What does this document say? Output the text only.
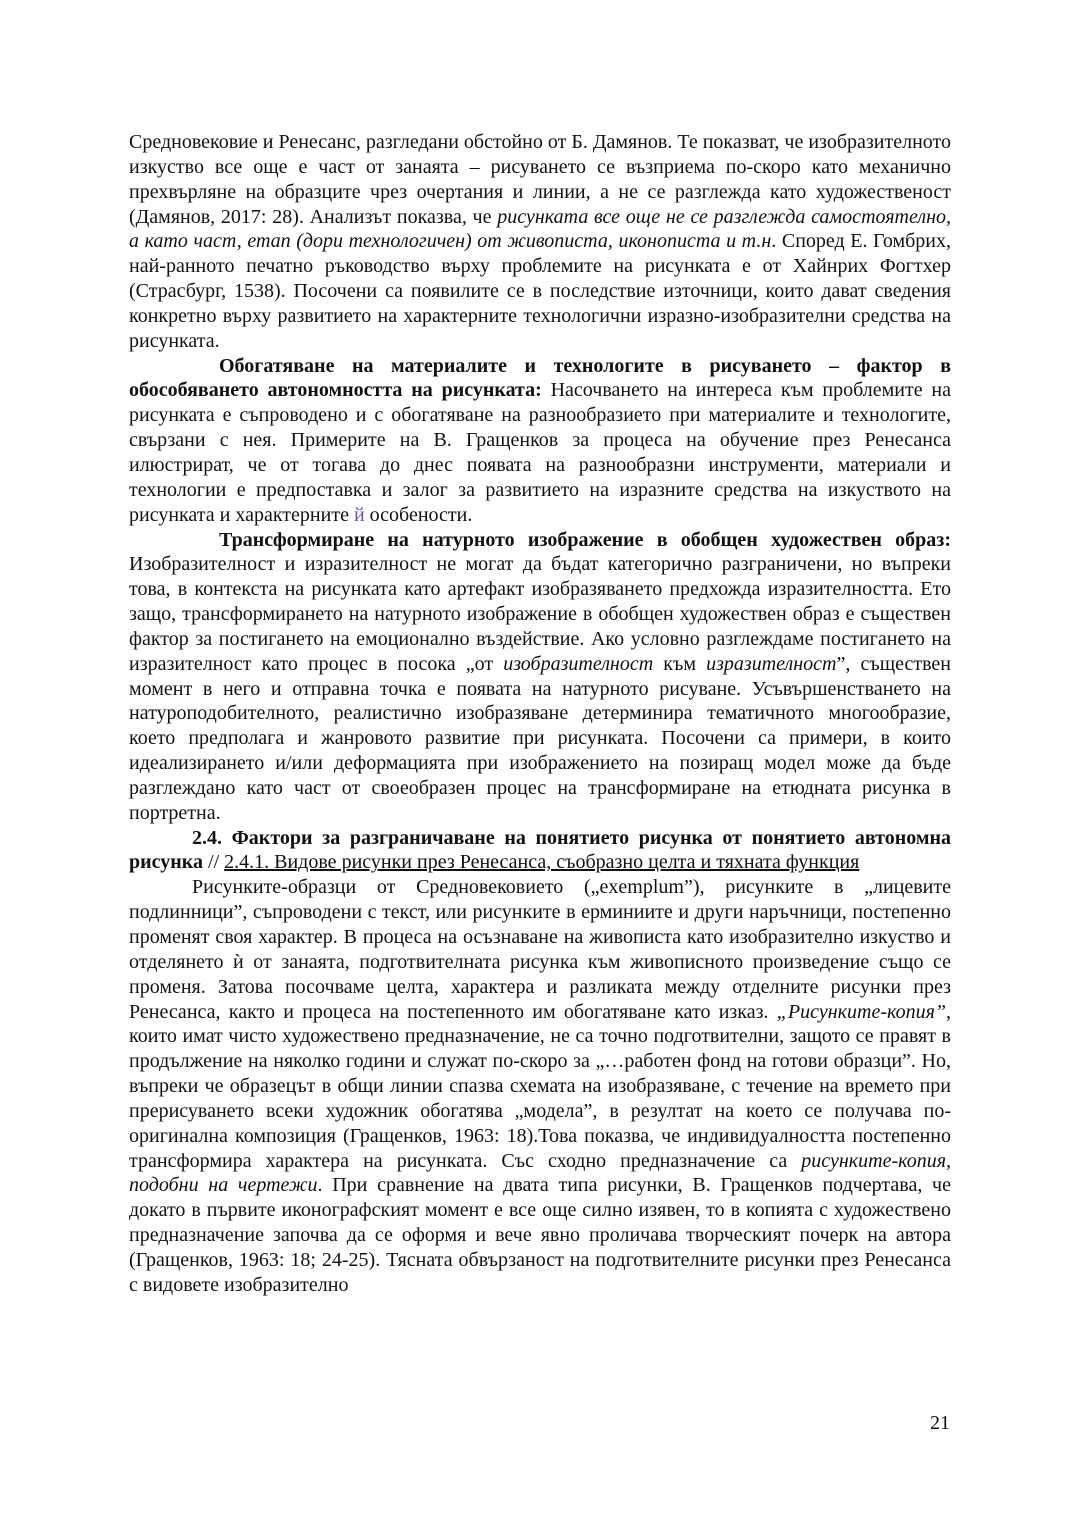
Средновековие и Ренесанс, разгледани обстойно от Б. Дамянов. Те показват, че изобразителното изкуство все още е част от занаята – рисуването се възприема по-скоро като механично прехвърляне на образците чрез очертания и линии, а не се разглежда като художественост (Дамянов, 2017: 28). Анализът показва, че рисунката все още не се разглежда самостоятелно, а като част, етап (дори технологичен) от живописта, иконописта и т.н. Според Е. Гомбрих, най-ранното печатно ръководство върху проблемите на рисунката е от Хайнрих Фогтхер (Страсбург, 1538). Посочени са появилите се в последствие източници, които дават сведения конкретно върху развитието на характерните технологични изразно-изобразителни средства на рисунката.

Обогатяване на материалите и технологите в рисуването – фактор в обособяването автономността на рисунката: Насочването на интереса към проблемите на рисунката е съпроводено и с обогатяване на разнообразието при материалите и технологите, свързани с нея. Примерите на В. Гращенков за процеса на обучение през Ренесанса илюстрират, че от тогава до днес появата на разнообразни инструменти, материали и технологии е предпоставка и залог за развитието на изразните средства на изкуството на рисунката и характерните й особености.

Трансформиране на натурното изображение в обобщен художествен образ: Изобразителност и изразителност не могат да бъдат категорично разграничени, но въпреки това, в контекста на рисунката като артефакт изобразяването предхожда изразителността. Ето защо, трансформирането на натурното изображение в обобщен художествен образ е съществен фактор за постигането на емоционално въздействие. Ако условно разглеждаме постигането на изразителност като процес в посока „от изобразителност към изразителност”, съществен момент в него и отправна точка е появата на натурното рисуване. Усъвършенстването на натуроподобителното, реалистично изобразяване детерминира тематичното многообразие, което предполага и жанровото развитие при рисунката. Посочени са примери, в които идеализирането и/или деформацията при изображението на позиращ модел може да бъде разглеждано като част от своеобразен процес на трансформиране на етюдната рисунка в портретна.

2.4. Фактори за разграничаване на понятието рисунка от понятието автономна рисунка // 2.4.1. Видове рисунки през Ренесанса, съобразно целта и тяхната функция

Рисунките-образци от Средновековието („exemplum”), рисунките в „лицевите подлинници”, съпроводени с текст, или рисунките в ерминиите и други наръчници, постепенно променят своя характер. В процеса на осъзнаване на живописта като изобразително изкуство и отделянето ѝ от занаята, подготвителната рисунка към живописното произведение също се променя. Затова посочваме целта, характера и разликата между отделните рисунки през Ренесанса, както и процеса на постепенното им обогатяване като изказ. „Рисунките-копия”, които имат чисто художествено предназначение, не са точно подготвителни, защото се правят в продължение на няколко години и служат по-скоро за „…работен фонд на готови образци”. Но, въпреки че образецът в общи линии спазва схемата на изобразяване, с течение на времето при прерисуването всеки художник обогатява „модела”, в резултат на което се получава по-оригинална композиция (Гращенков, 1963: 18).Това показва, че индивидуалността постепенно трансформира характера на рисунката. Със сходно предназначение са рисунките-копия, подобни на чертежи. При сравнение на двата типа рисунки, В. Гращенков подчертава, че докато в първите иконографският момент е все още силно изявен, то в копията с художествено предназначение започва да се оформя и вече явно проличава творческият почерк на автора (Гращенков, 1963: 18; 24-25). Тясната обвързаност на подготвителните рисунки през Ренесанса с видовете изобразително

21
